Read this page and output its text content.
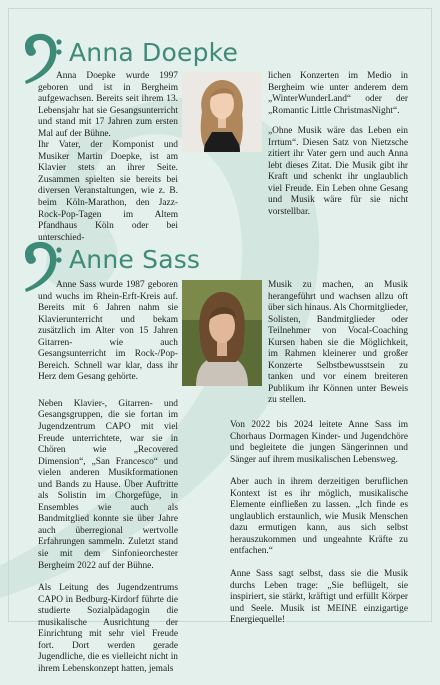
Anna Doepke

Anna Doepke wurde 1997 geboren und ist in Bergheim aufgewachsen. Bereits seit ihrem 13. Lebensjahr hat sie Gesangsunterricht und stand mit 17 Jahren zum ersten Mal auf der Bühne.

Ihr Vater, der Komponist und Musiker Martin Doepke, ist am Klavier stets an ihrer Seite. Zusammen spielten sie bereits bei diversen Veranstaltungen, wie z. B. beim Köln-Marathon, den Jazz-Rock-Pop-Tagen im Altem Pfandhaus Köln oder bei unterschied-

lichen Konzerten im Medio in Bergheim wie unter anderem dem „WinterWunderLand“ oder der „Romantic Little ChristmasNight“.

„Ohne Musik wäre das Leben ein Irrtum“. Diesen Satz von Nietzsche zitiert ihr Vater gern und auch Anna lebt dieses Zitat. Die Musik gibt ihr Kraft und schenkt ihr unglaublich viel Freude. Ein Leben ohne Gesang und Musik wäre für sie nicht vorstellbar.

Anne Sass

Anne Sass wurde 1987 geboren und wuchs im Rhein-Erft-Kreis auf. Bereits mit 6 Jahren nahm sie Klavierunterricht und bekam zusätzlich im Alter von 15 Jahren Gitarren- wie auch Gesangsunterricht im Rock-/Pop-Bereich. Schnell war klar, dass ihr Herz dem Gesang gehörte.

Neben Klavier-, Gitarren- und Gesangsgruppen, die sie fortan im Jugendzentrum CAPO mit viel Freude unterrichtete, war sie in Chören wie „Recovered Dimension“, „San Francesco“ und vielen anderen Musikformationen und Bands zu Hause. Über Auftritte als Solistin im Chorgefüge, in Ensembles wie auch als Bandmitglied konnte sie über Jahre auch überregional wertvolle Erfahrungen sammeln. Zuletzt stand sie mit dem Sinfonieorchester Bergheim 2022 auf der Bühne.

Als Leitung des Jugendzentrums CAPO in Bedburg-Kirdorf führte die studierte Sozialpädagogin die musikalische Ausrichtung der Einrichtung mit sehr viel Freude fort. Dort werden gerade Jugendliche, die es vielleicht nicht in ihrem Lebenskonzept hatten, jemals

Musik zu machen, an Musik herangeführt und wachsen allzu oft über sich hinaus. Als Chormitglieder, Solisten, Bandmitglieder oder Teilnehmer von Vocal-Coaching Kursen haben sie die Möglichkeit, im Rahmen kleinerer und großer Konzerte Selbstbewusstsein zu tanken und vor einem breiteren Publikum ihr Können unter Beweis zu stellen.

Von 2022 bis 2024 leitete Anne Sass im Chorhaus Dormagen Kinder- und Jugendchöre und begleitete die jungen Sängerinnen und Sänger auf ihrem musikalischen Lebensweg.

Aber auch in ihrem derzeitigen beruflichen Kontext ist es ihr möglich, musikalische Elemente einfließen zu lassen. „Ich finde es unglaublich erstaunlich, wie Musik Menschen dazu ermutigen kann, aus sich selbst herauszukommen und ungeahnte Kräfte zu entfachen.“

Anne Sass sagt selbst, dass sie die Musik durchs Leben trage: „Sie beflügelt, sie inspiriert, sie stärkt, kräftigt und erfüllt Körper und Seele. Musik ist MEINE einzigartige Energiequelle!
